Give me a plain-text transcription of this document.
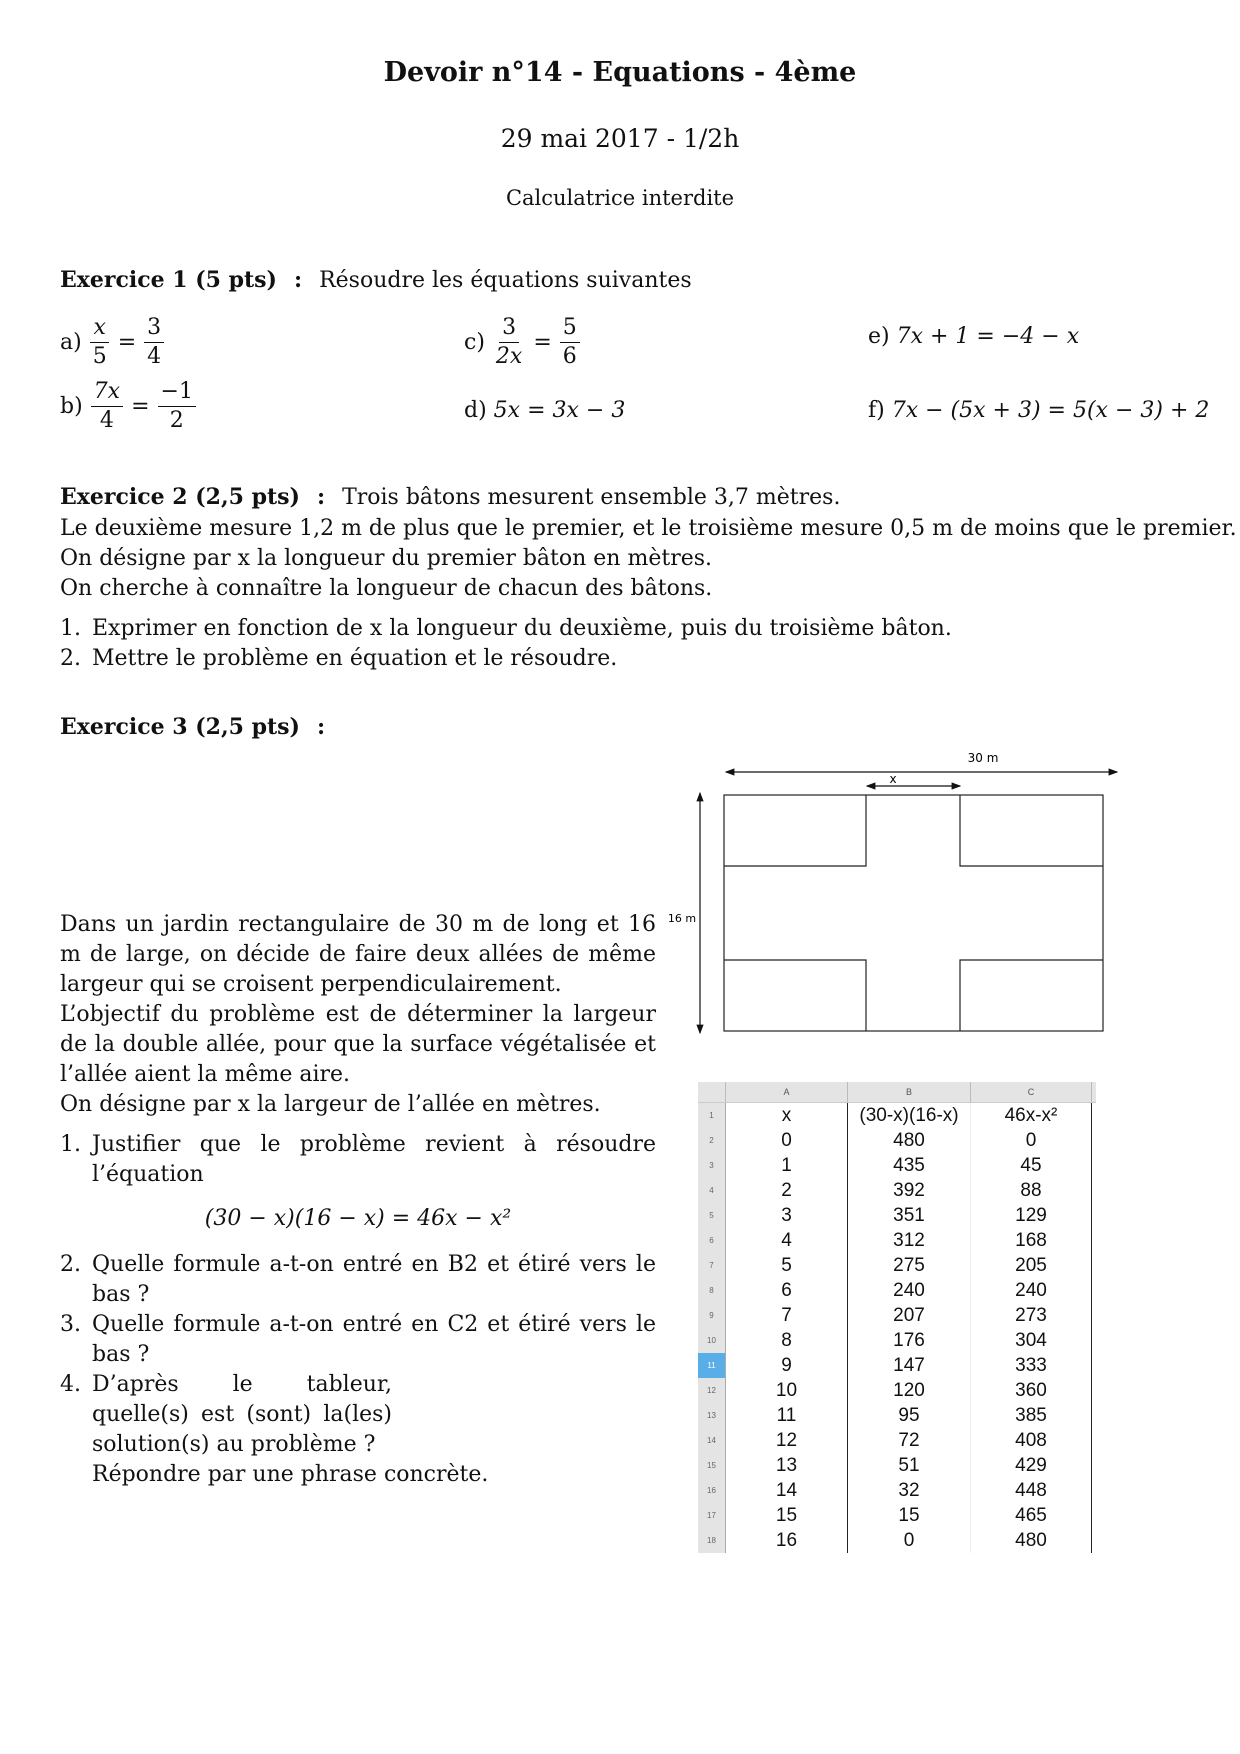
Devoir n°14 - Equations - 4ème
29 mai 2017 - 1/2h
Calculatrice interdite
Exercice 1 (5 pts) : Résoudre les équations suivantes
$a) \frac{x}{5} = \frac{3}{4}$
$b) \frac{7x}{4} = \frac{-1}{2}$
$c) \frac{3}{2x} = \frac{5}{6}$
d) 5x = 3x − 3
e) 7x + 1 = −4 − x
f) 7x − (5x + 3) = 5(x − 3) + 2
Exercice 2 (2,5 pts) : Trois bâtons mesurent ensemble 3,7 mètres.
Le deuxième mesure 1,2 m de plus que le premier, et le troisième mesure 0,5 m de moins que le premier.
On désigne par x la longueur du premier bâton en mètres.
On cherche à connaître la longueur de chacun des bâtons.
1. Exprimer en fonction de x la longueur du deuxième, puis du troisième bâton.
2. Mettre le problème en équation et le résoudre.
Exercice 3 (2,5 pts) :
Dans un jardin rectangulaire de 30 m de long et 16 m de large, on décide de faire deux allées de même largeur qui se croisent perpendiculairement.
L’objectif du problème est de déterminer la largeur de la double allée, pour que la surface végétalisée et l’allée aient la même aire.
On désigne par x la largeur de l’allée en mètres.
1. Justifier que le problème revient à résoudre l’équation
(30 − x)(16 − x) = 46x − x²
2. Quelle formule a-t-on entré en B2 et étiré vers le bas ?
3. Quelle formule a-t-on entré en C2 et étiré vers le bas ?
4. D’après le tableur, quelle(s) est (sont) la(les) solution(s) au problème ?
Répondre par une phrase concrète.
30 m
x
16 m
A	B	C
1	x	(30-x)(16-x)	46x-x²
2	0	480	0
3	1	435	45
4	2	392	88
5	3	351	129
6	4	312	168
7	5	275	205
8	6	240	240
9	7	207	273
10	8	176	304
11	9	147	333
12	10	120	360
13	11	95	385
14	12	72	408
15	13	51	429
16	14	32	448
17	15	15	465
18	16	0	480
